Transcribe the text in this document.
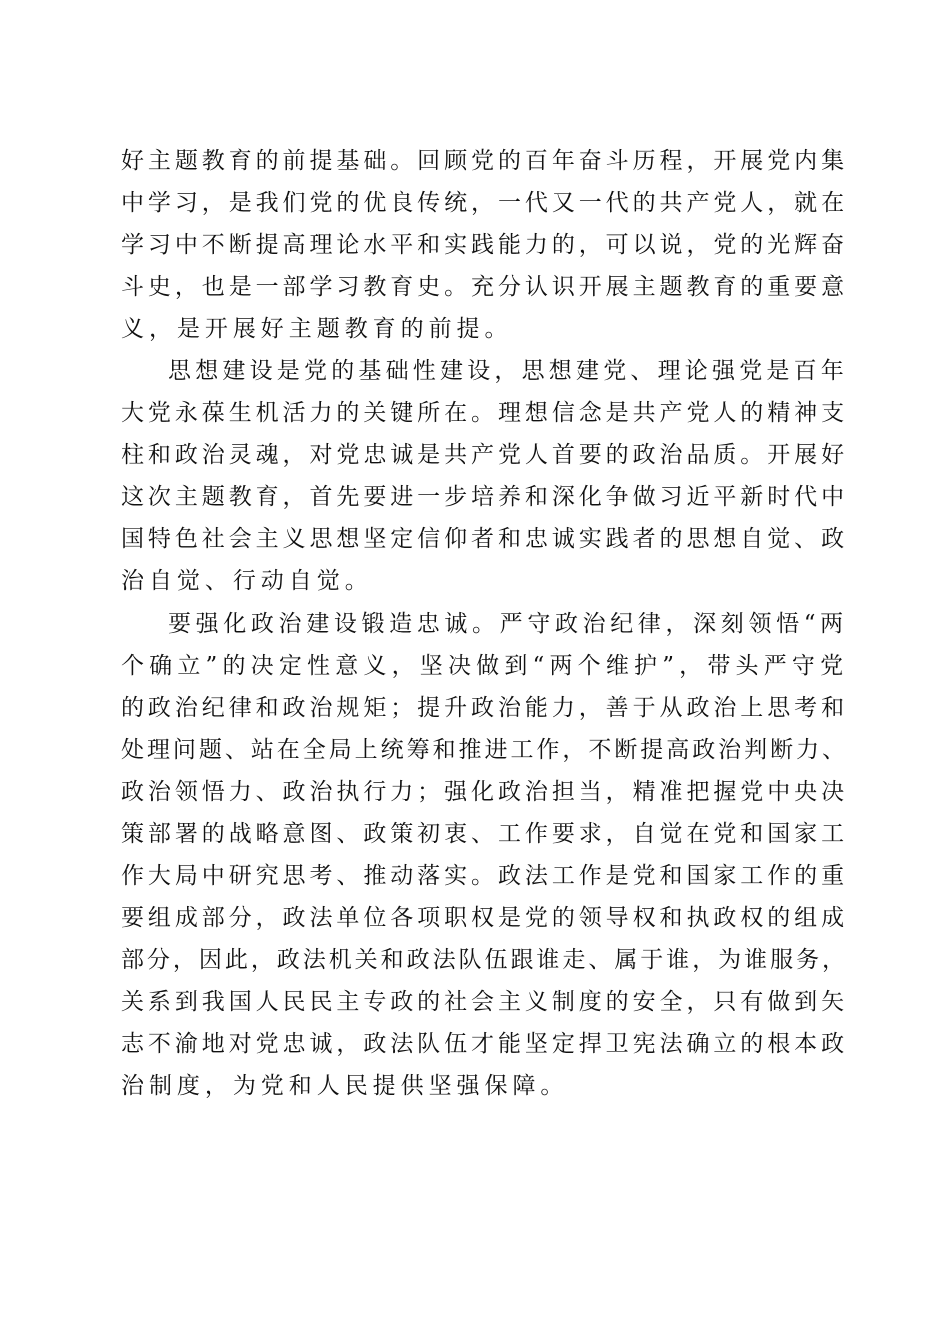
好主题教育的前提基础。回顾党的百年奋斗历程，开展党内集
中学习，是我们党的优良传统，一代又一代的共产党人，就在
学习中不断提高理论水平和实践能力的，可以说，党的光辉奋
斗史，也是一部学习教育史。充分认识开展主题教育的重要意
义，是开展好主题教育的前提。
思想建设是党的基础性建设，思想建党、理论强党是百年
大党永葆生机活力的关键所在。理想信念是共产党人的精神支
柱和政治灵魂，对党忠诚是共产党人首要的政治品质。开展好
这次主题教育，首先要进一步培养和深化争做习近平新时代中
国特色社会主义思想坚定信仰者和忠诚实践者的思想自觉、政
治自觉、行动自觉。
要强化政治建设锻造忠诚。严守政治纪律，深刻领悟“两
个确立”的决定性意义，坚决做到“两个维护”，带头严守党
的政治纪律和政治规矩；提升政治能力，善于从政治上思考和
处理问题、站在全局上统筹和推进工作，不断提高政治判断力、
政治领悟力、政治执行力；强化政治担当，精准把握党中央决
策部署的战略意图、政策初衷、工作要求，自觉在党和国家工
作大局中研究思考、推动落实。政法工作是党和国家工作的重
要组成部分，政法单位各项职权是党的领导权和执政权的组成
部分，因此，政法机关和政法队伍跟谁走、属于谁，为谁服务，
关系到我国人民民主专政的社会主义制度的安全，只有做到矢
志不渝地对党忠诚，政法队伍才能坚定捍卫宪法确立的根本政
治制度，为党和人民提供坚强保障。
